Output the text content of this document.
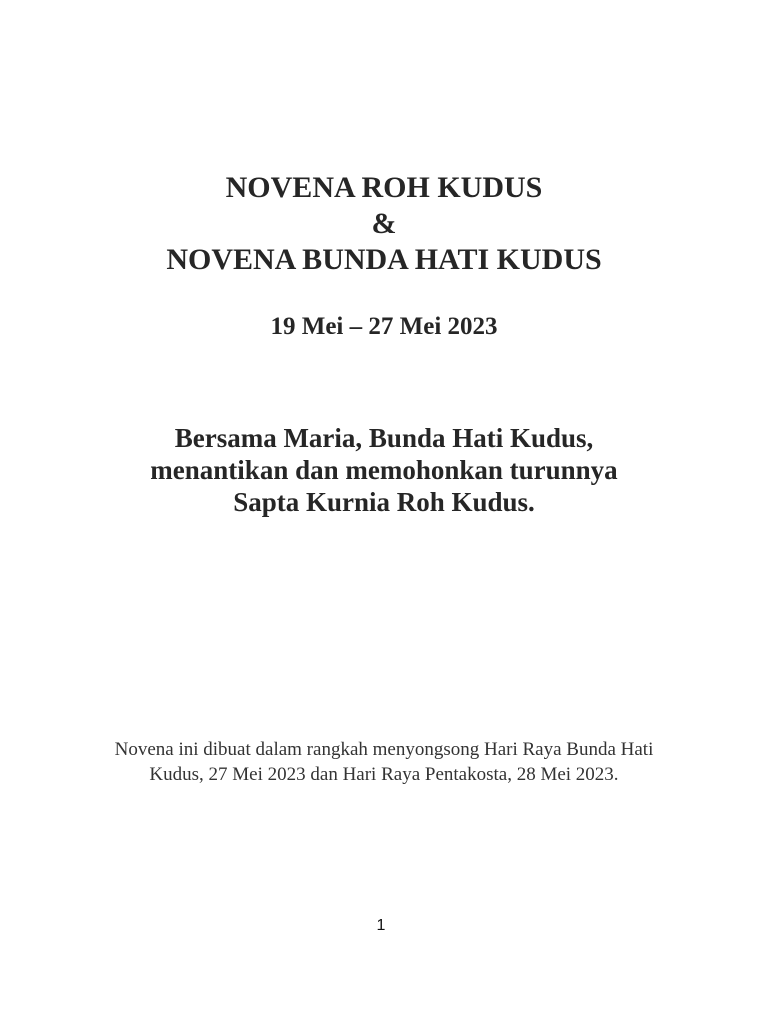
NOVENA ROH KUDUS
&
NOVENA BUNDA HATI KUDUS
19 Mei – 27 Mei 2023
Bersama Maria, Bunda Hati Kudus,
menantikan dan memohonkan turunnya
Sapta Kurnia Roh Kudus.
Novena ini dibuat dalam rangkah menyongsong Hari Raya Bunda Hati
Kudus, 27 Mei 2023 dan Hari Raya Pentakosta, 28 Mei 2023.
1
